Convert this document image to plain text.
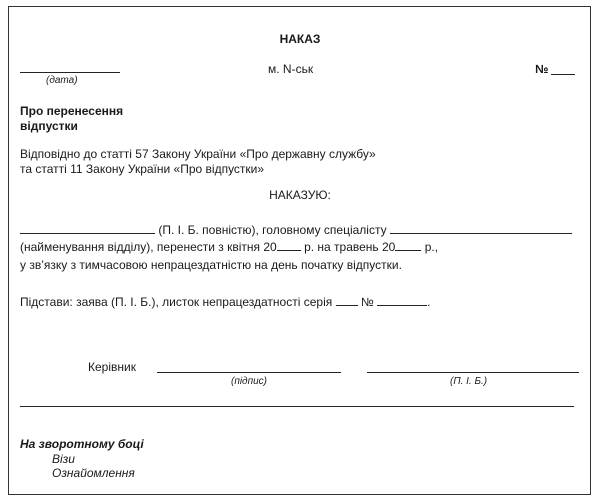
НАКАЗ
(дата)
м. N-ськ	№
Про перенесення
відпустки
Відповідно до статті 57 Закону України «Про державну службу»
та статті 11 Закону України «Про відпустки»
НАКАЗУЮ:
(П. І. Б. повністю), головному спеціалісту
(найменування відділу), перенести з квітня 20 р. на травень 20 р.,
у зв’язку з тимчасовою непрацездатністю на день початку відпустки.
Підстави: заява (П. І. Б.), листок непрацездатності серія №	.
Керівник
(підпис)	(П. І. Б.)
На зворотному боці
Візи
Ознайомлення
